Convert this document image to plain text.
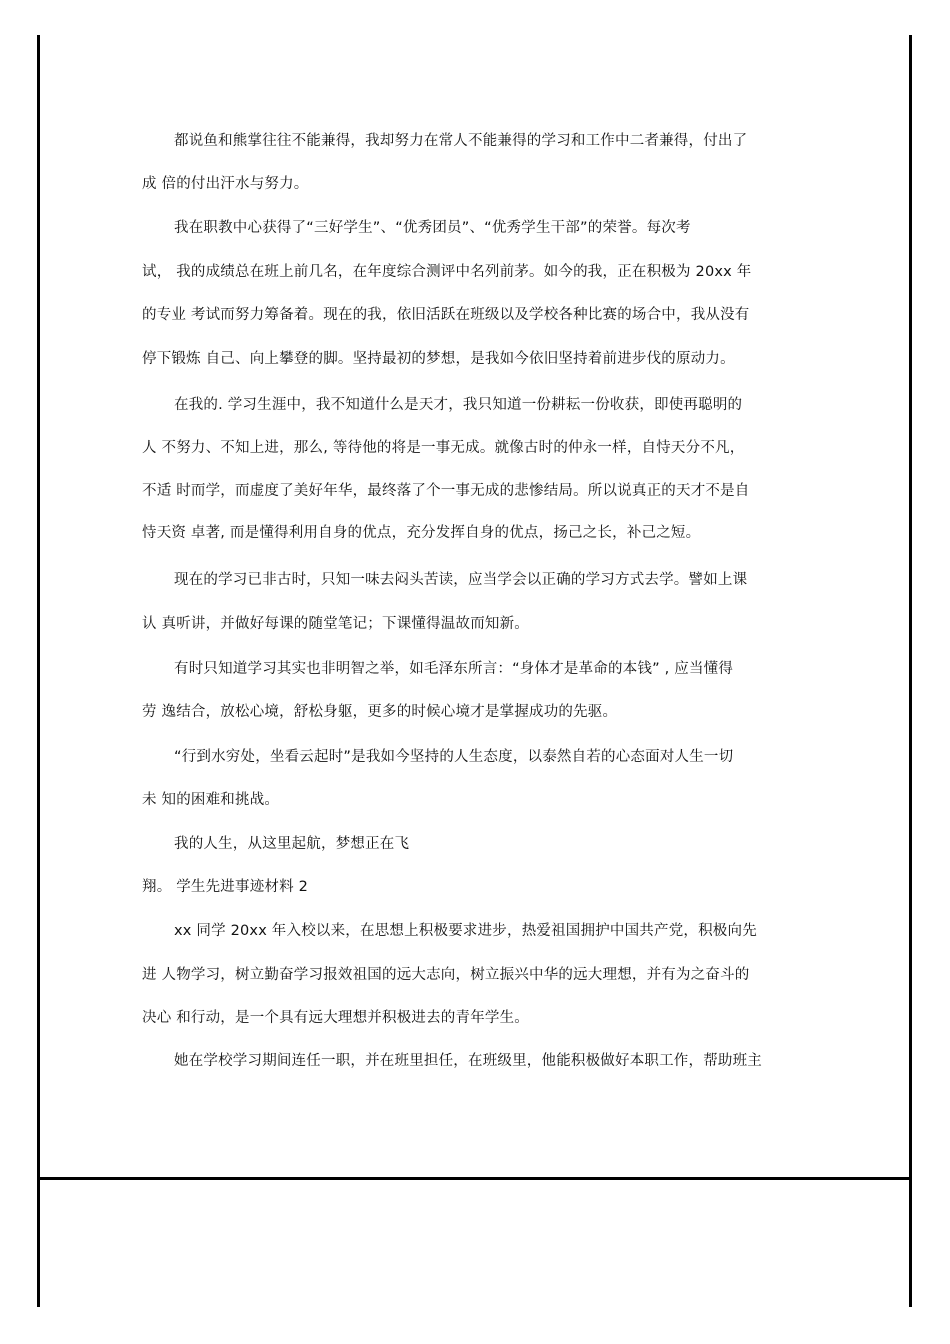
都说鱼和熊掌往往不能兼得，我却努力在常人不能兼得的学习和工作中二者兼得，付出了
成 倍的付出汗水与努力。
我在职教中心获得了“三好学生”、“优秀团员”、“优秀学生干部”的荣誉。每次考
试， 我的成绩总在班上前几名，在年度综合测评中名列前茅。如今的我，正在积极为 20xx 年
的专业 考试而努力筹备着。现在的我，依旧活跃在班级以及学校各种比赛的场合中，我从没有
停下锻炼 自己、向上攀登的脚。坚持最初的梦想，是我如今依旧坚持着前进步伐的原动力。
在我的. 学习生涯中，我不知道什么是天才，我只知道一份耕耘一份收获，即使再聪明的
人 不努力、不知上进，那么, 等待他的将是一事无成。就像古时的仲永一样，自恃天分不凡，
不适 时而学，而虚度了美好年华，最终落了个一事无成的悲惨结局。所以说真正的天才不是自
恃天资 卓著, 而是懂得利用自身的优点，充分发挥自身的优点，扬己之长，补己之短。
现在的学习已非古时，只知一味去闷头苦读，应当学会以正确的学习方式去学。譬如上课
认 真听讲，并做好每课的随堂笔记；下课懂得温故而知新。
有时只知道学习其实也非明智之举，如毛泽东所言：“身体才是革命的本钱” , 应当懂得
劳 逸结合，放松心境，舒松身躯，更多的时候心境才是掌握成功的先驱。
“行到水穷处，坐看云起时”是我如今坚持的人生态度，以泰然自若的心态面对人生一切
未 知的困难和挑战。
我的人生，从这里起航，梦想正在飞
翔。 学生先进事迹材料 2
xx 同学 20xx 年入校以来，在思想上积极要求进步，热爱祖国拥护中国共产党，积极向先
进 人物学习，树立勤奋学习报效祖国的远大志向，树立振兴中华的远大理想，并有为之奋斗的
决心 和行动，是一个具有远大理想并积极进去的青年学生。
她在学校学习期间连任一职，并在班里担任，在班级里，他能积极做好本职工作，帮助班主
